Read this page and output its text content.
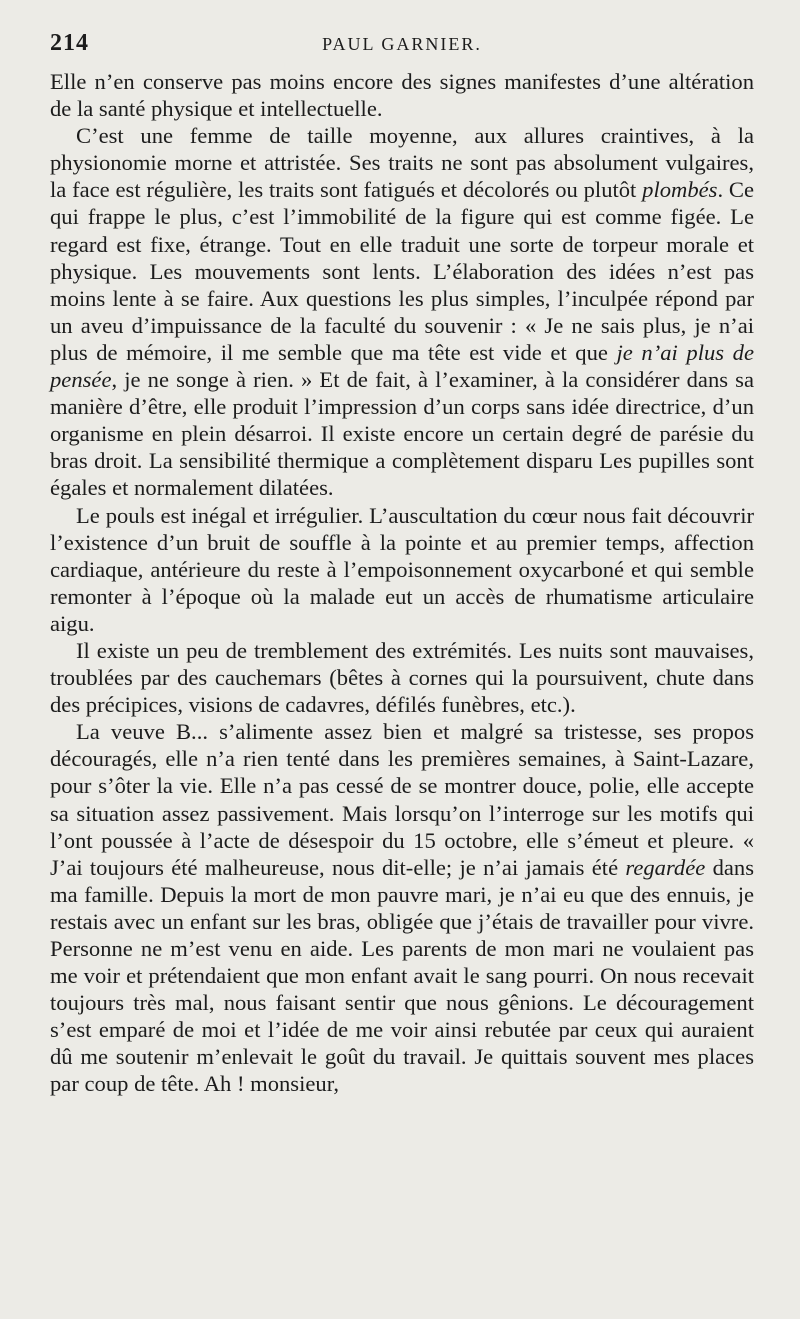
214	PAUL GARNIER.

Elle n’en conserve pas moins encore des signes manifestes d’une altération de la santé physique et intellectuelle.

C’est une femme de taille moyenne, aux allures craintives, à la physionomie morne et attristée. Ses traits ne sont pas absolument vulgaires, la face est régulière, les traits sont fatigués et décolorés ou plutôt plombés. Ce qui frappe le plus, c’est l’immobilité de la figure qui est comme figée. Le regard est fixe, étrange. Tout en elle traduit une sorte de torpeur morale et physique. Les mouvements sont lents. L’élaboration des idées n’est pas moins lente à se faire. Aux questions les plus simples, l’inculpée répond par un aveu d’impuissance de la faculté du souvenir : « Je ne sais plus, je n’ai plus de mémoire, il me semble que ma tête est vide et que je n’ai plus de pensée, je ne songe à rien. » Et de fait, à l’examiner, à la considérer dans sa manière d’être, elle produit l’impression d’un corps sans idée directrice, d’un organisme en plein désarroi. Il existe encore un certain degré de parésie du bras droit. La sensibilité thermique a complètement disparu Les pupilles sont égales et normalement dilatées.

Le pouls est inégal et irrégulier. L’auscultation du cœur nous fait découvrir l’existence d’un bruit de souffle à la pointe et au premier temps, affection cardiaque, antérieure du reste à l’empoisonnement oxycarboné et qui semble remonter à l’époque où la malade eut un accès de rhumatisme articulaire aigu.

Il existe un peu de tremblement des extrémités. Les nuits sont mauvaises, troublées par des cauchemars (bêtes à cornes qui la poursuivent, chute dans des précipices, visions de cadavres, défilés funèbres, etc.).

La veuve B... s’alimente assez bien et malgré sa tristesse, ses propos découragés, elle n’a rien tenté dans les premières semaines, à Saint-Lazare, pour s’ôter la vie. Elle n’a pas cessé de se montrer douce, polie, elle accepte sa situation assez passivement. Mais lorsqu’on l’interroge sur les motifs qui l’ont poussée à l’acte de désespoir du 15 octobre, elle s’émeut et pleure. « J’ai toujours été malheureuse, nous dit-elle; je n’ai jamais été regardée dans ma famille. Depuis la mort de mon pauvre mari, je n’ai eu que des ennuis, je restais avec un enfant sur les bras, obligée que j’étais de travailler pour vivre. Personne ne m’est venu en aide. Les parents de mon mari ne voulaient pas me voir et prétendaient que mon enfant avait le sang pourri. On nous recevait toujours très mal, nous faisant sentir que nous gênions. Le découragement s’est emparé de moi et l’idée de me voir ainsi rebutée par ceux qui auraient dû me soutenir m’enlevait le goût du travail. Je quittais souvent mes places par coup de tête. Ah ! monsieur,
